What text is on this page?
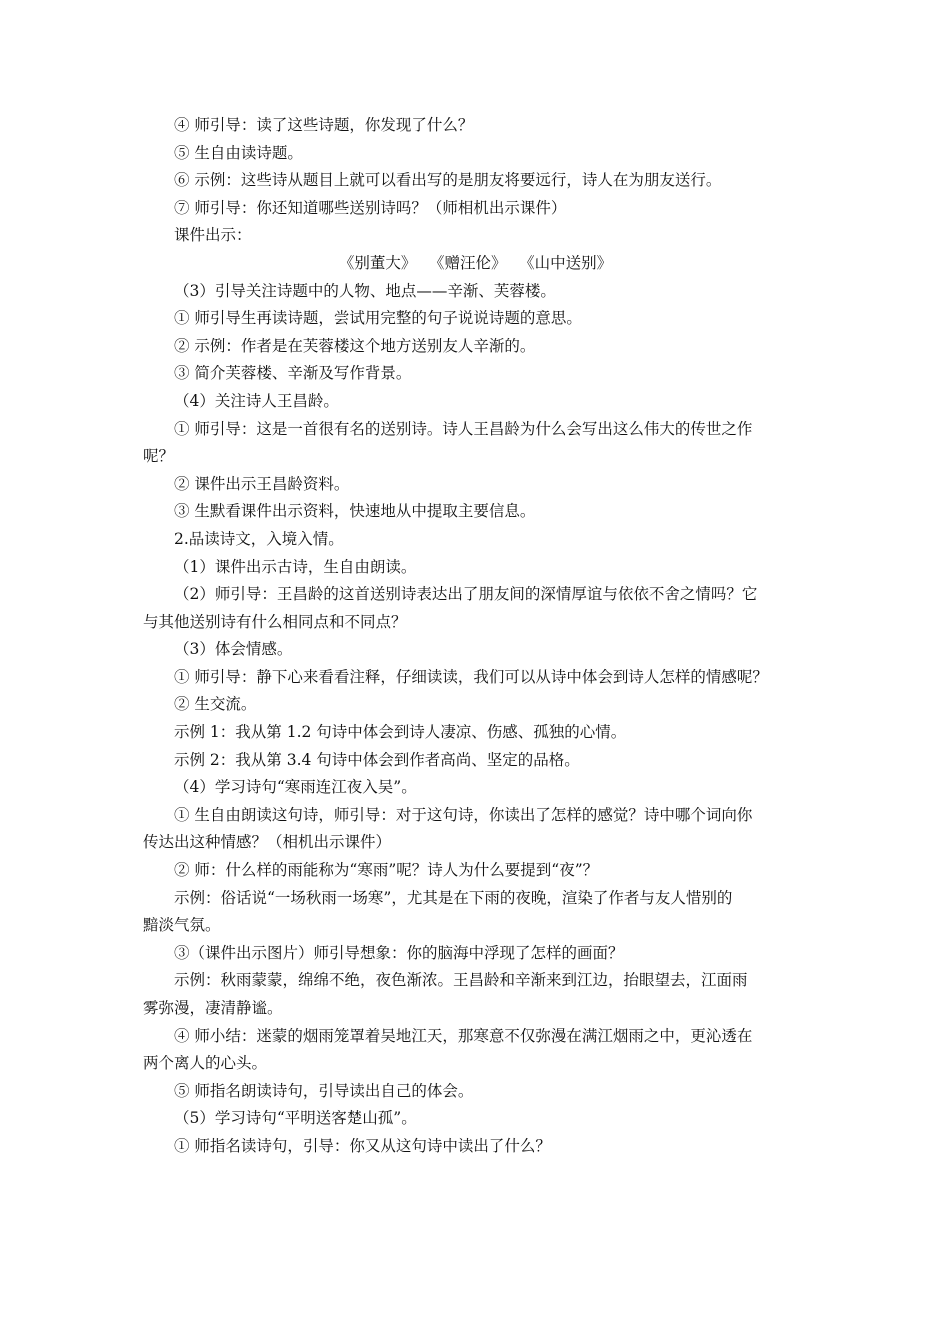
④ 师引导：读了这些诗题，你发现了什么？
⑤ 生自由读诗题。
⑥ 示例：这些诗从题目上就可以看出写的是朋友将要远行，诗人在为朋友送行。
⑦ 师引导：你还知道哪些送别诗吗？（师相机出示课件）
课件出示：
《别董大》　 《赠汪伦》　 《山中送别》
（3）引导关注诗题中的人物、地点——辛渐、芙蓉楼。
① 师引导生再读诗题，尝试用完整的句子说说诗题的意思。
② 示例：作者是在芙蓉楼这个地方送别友人辛渐的。
③ 简介芙蓉楼、辛渐及写作背景。
（4）关注诗人王昌龄。
① 师引导：这是一首很有名的送别诗。诗人王昌龄为什么会写出这么伟大的传世之作
呢？
② 课件出示王昌龄资料。
③ 生默看课件出示资料，快速地从中提取主要信息。
2.品读诗文，入境入情。
（1）课件出示古诗，生自由朗读。
（2）师引导：王昌龄的这首送别诗表达出了朋友间的深情厚谊与依依不舍之情吗？它
与其他送别诗有什么相同点和不同点？
（3）体会情感。
① 师引导：静下心来看看注释，仔细读读，我们可以从诗中体会到诗人怎样的情感呢？
② 生交流。
示例 1：我从第 1.2 句诗中体会到诗人凄凉、伤感、孤独的心情。
示例 2：我从第 3.4 句诗中体会到作者高尚、坚定的品格。
（4）学习诗句“寒雨连江夜入吴”。
① 生自由朗读这句诗，师引导：对于这句诗，你读出了怎样的感觉？诗中哪个词向你
传达出这种情感？（相机出示课件）
② 师：什么样的雨能称为“寒雨”呢？诗人为什么要提到“夜”？
示例：俗话说“一场秋雨一场寒”，尤其是在下雨的夜晚，渲染了作者与友人惜别的
黯淡气氛。
③（课件出示图片）师引导想象：你的脑海中浮现了怎样的画面？
示例：秋雨蒙蒙，绵绵不绝，夜色渐浓。王昌龄和辛渐来到江边，抬眼望去，江面雨
雾弥漫，凄清静谧。
④ 师小结：迷蒙的烟雨笼罩着吴地江天，那寒意不仅弥漫在满江烟雨之中，更沁透在
两个离人的心头。
⑤ 师指名朗读诗句，引导读出自己的体会。
（5）学习诗句“平明送客楚山孤”。
① 师指名读诗句，引导：你又从这句诗中读出了什么？
